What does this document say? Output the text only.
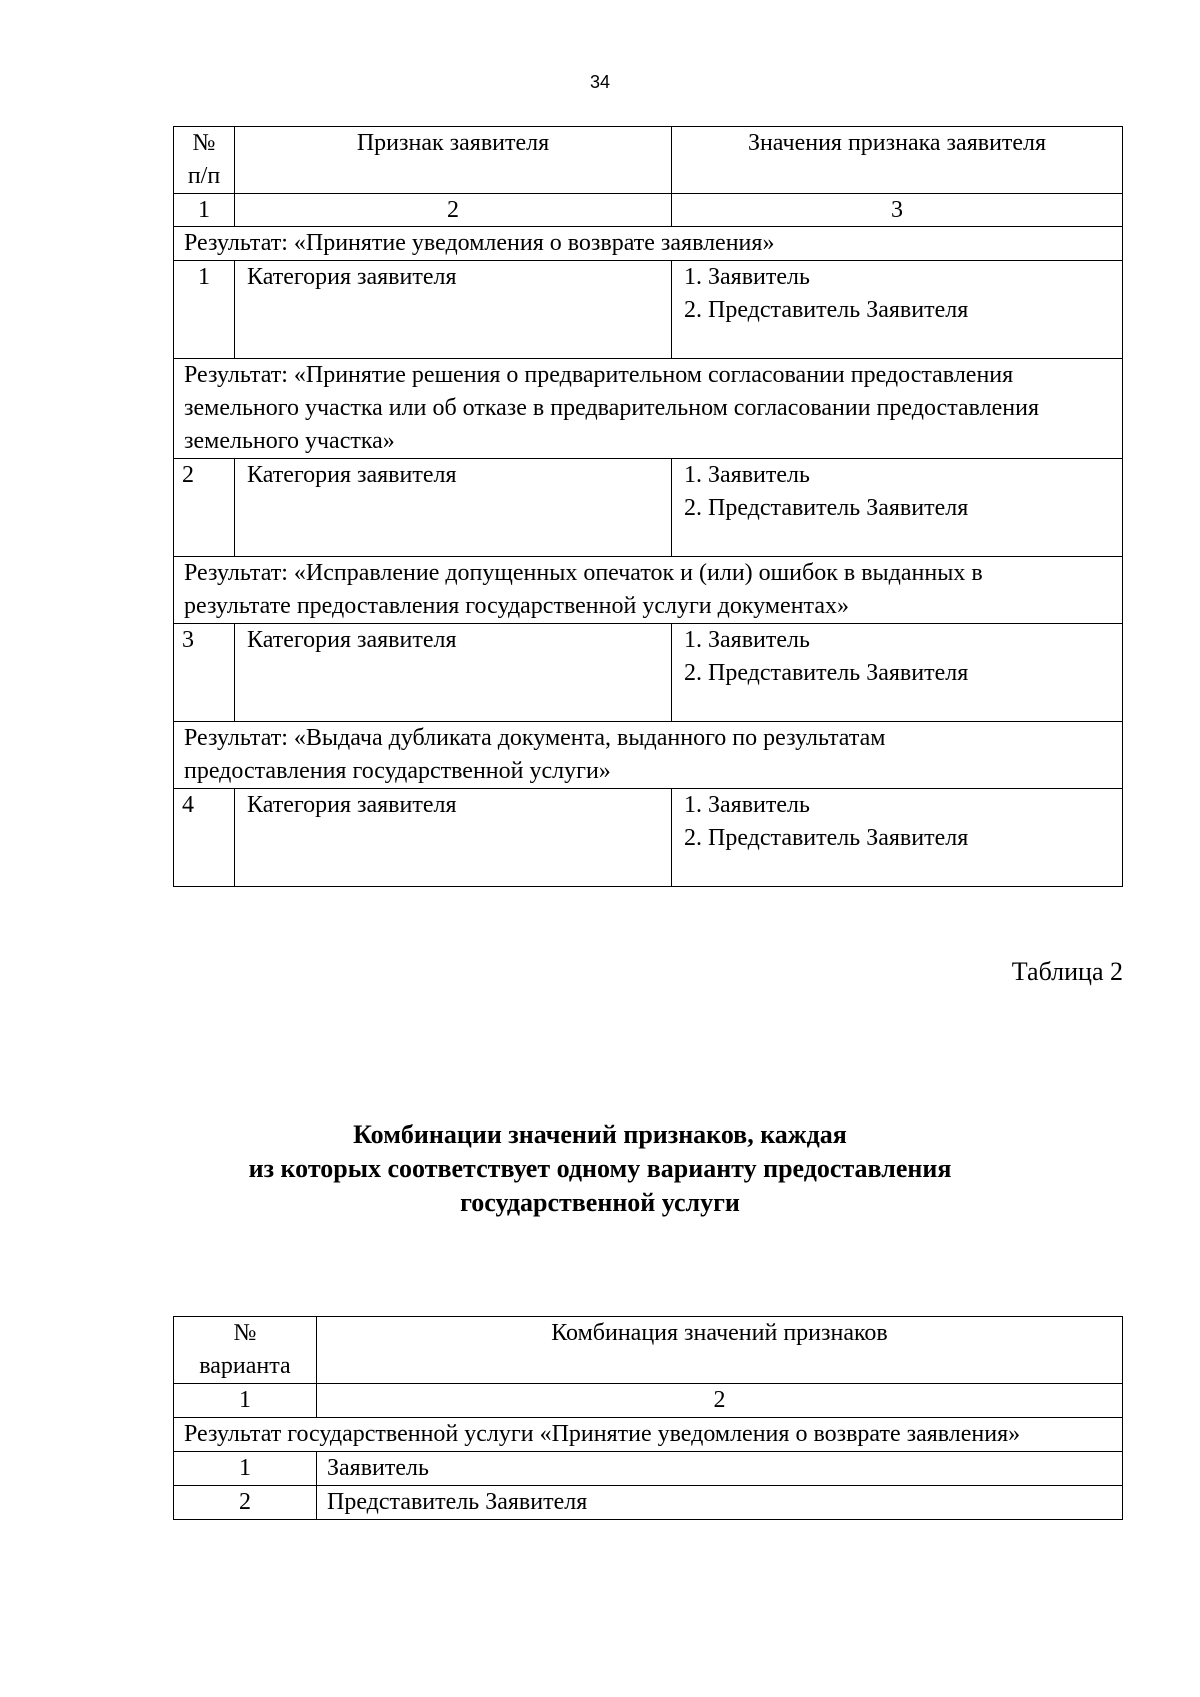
34
№
п/п	Признак заявителя	Значения признака заявителя
1	2	3
Результат: «Принятие уведомления о возврате заявления»		
1	Категория заявителя	1. Заявитель
2. Представитель Заявителя

Результат: «Принятие решения о предварительном согласовании предоставления земельного участка или об отказе в предварительном согласовании предоставления земельного участка»		
2	Категория заявителя	1. Заявитель
2. Представитель Заявителя

Результат: «Исправление допущенных опечаток и (или) ошибок в выданных в результате предоставления государственной услуги документах»		
3	Категория заявителя	1. Заявитель
2. Представитель Заявителя

Результат: «Выдача дубликата документа, выданного по результатам предоставления государственной услуги»		
4	Категория заявителя	1. Заявитель
2. Представитель Заявителя
Таблица 2
Комбинации значений признаков, каждая
из которых соответствует одному варианту предоставления
государственной услуги
№
варианта	Комбинация значений признаков
1	2
Результат государственной услуги «Принятие уведомления о возврате заявления»	
1	Заявитель
2	Представитель Заявителя
